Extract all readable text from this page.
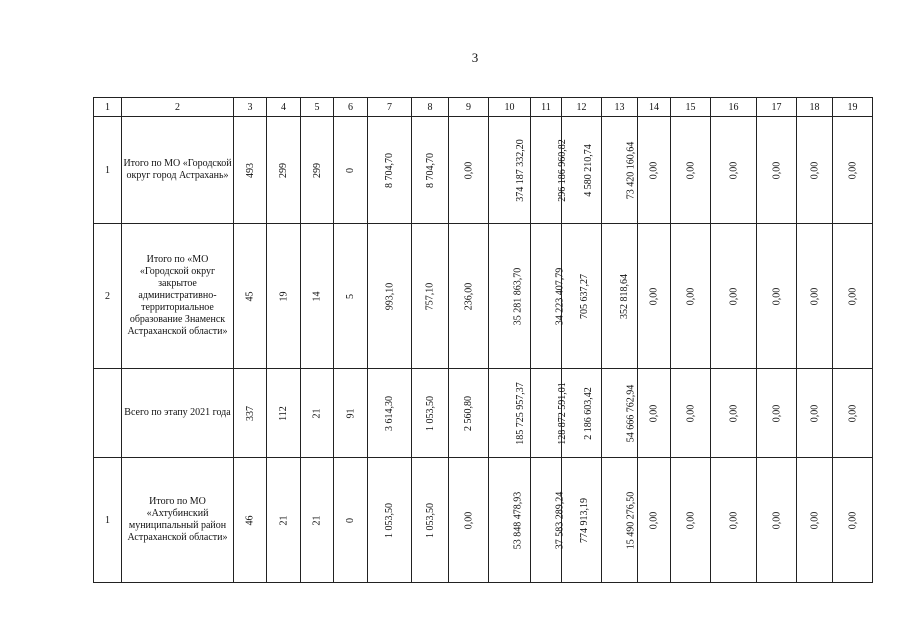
3
1	2	3	4	5	6	7	8	9	10	11	12	13	14	15	16	17	18	19
1	Итого по МО «Городской округ город Астрахань»	493	299	299	0	8 704,70	8 704,70	0,00	374 187 332,20	296 186 960,82	4 580 210,74	73 420 160,64	0,00	0,00	0,00	0,00	0,00	0,00
2	Итого по «МО «Городской округ закрытое административно-территориальное образование Знаменск Астраханской области»	45	19	14	5	993,10	757,10	236,00	35 281 863,70	34 223 407,79	705 637,27	352 818,64	0,00	0,00	0,00	0,00	0,00	0,00
	Всего по этапу 2021 года	337	112	21	91	3 614,30	1 053,50	2 560,80	185 725 957,37	128 872 591,01	2 186 603,42	54 666 762,94	0,00	0,00	0,00	0,00	0,00	0,00
1	Итого по МО «Ахтубинский муниципальный район Астраханской области»	46	21	21	0	1 053,50	1 053,50	0,00	53 848 478,93	37 583 289,24	774 913,19	15 490 276,50	0,00	0,00	0,00	0,00	0,00	0,00
